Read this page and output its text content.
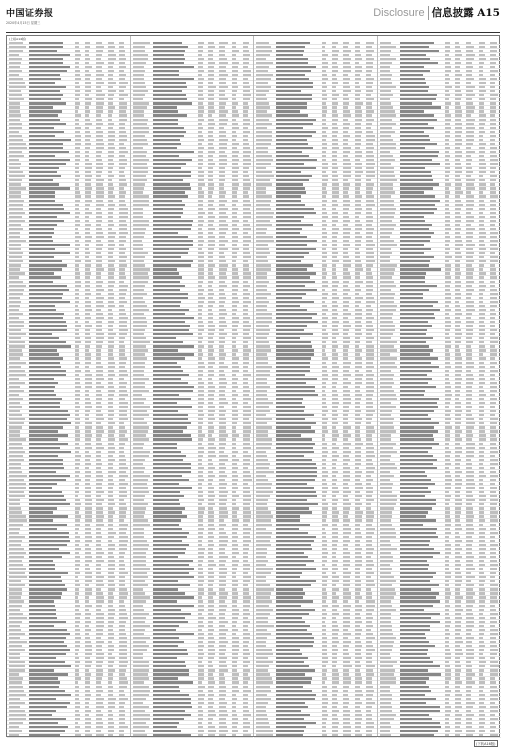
中国证券报
2020年4月15日 星期三
Disclosure 信息披露 A15
(上接A14版)
(下转A16版)
